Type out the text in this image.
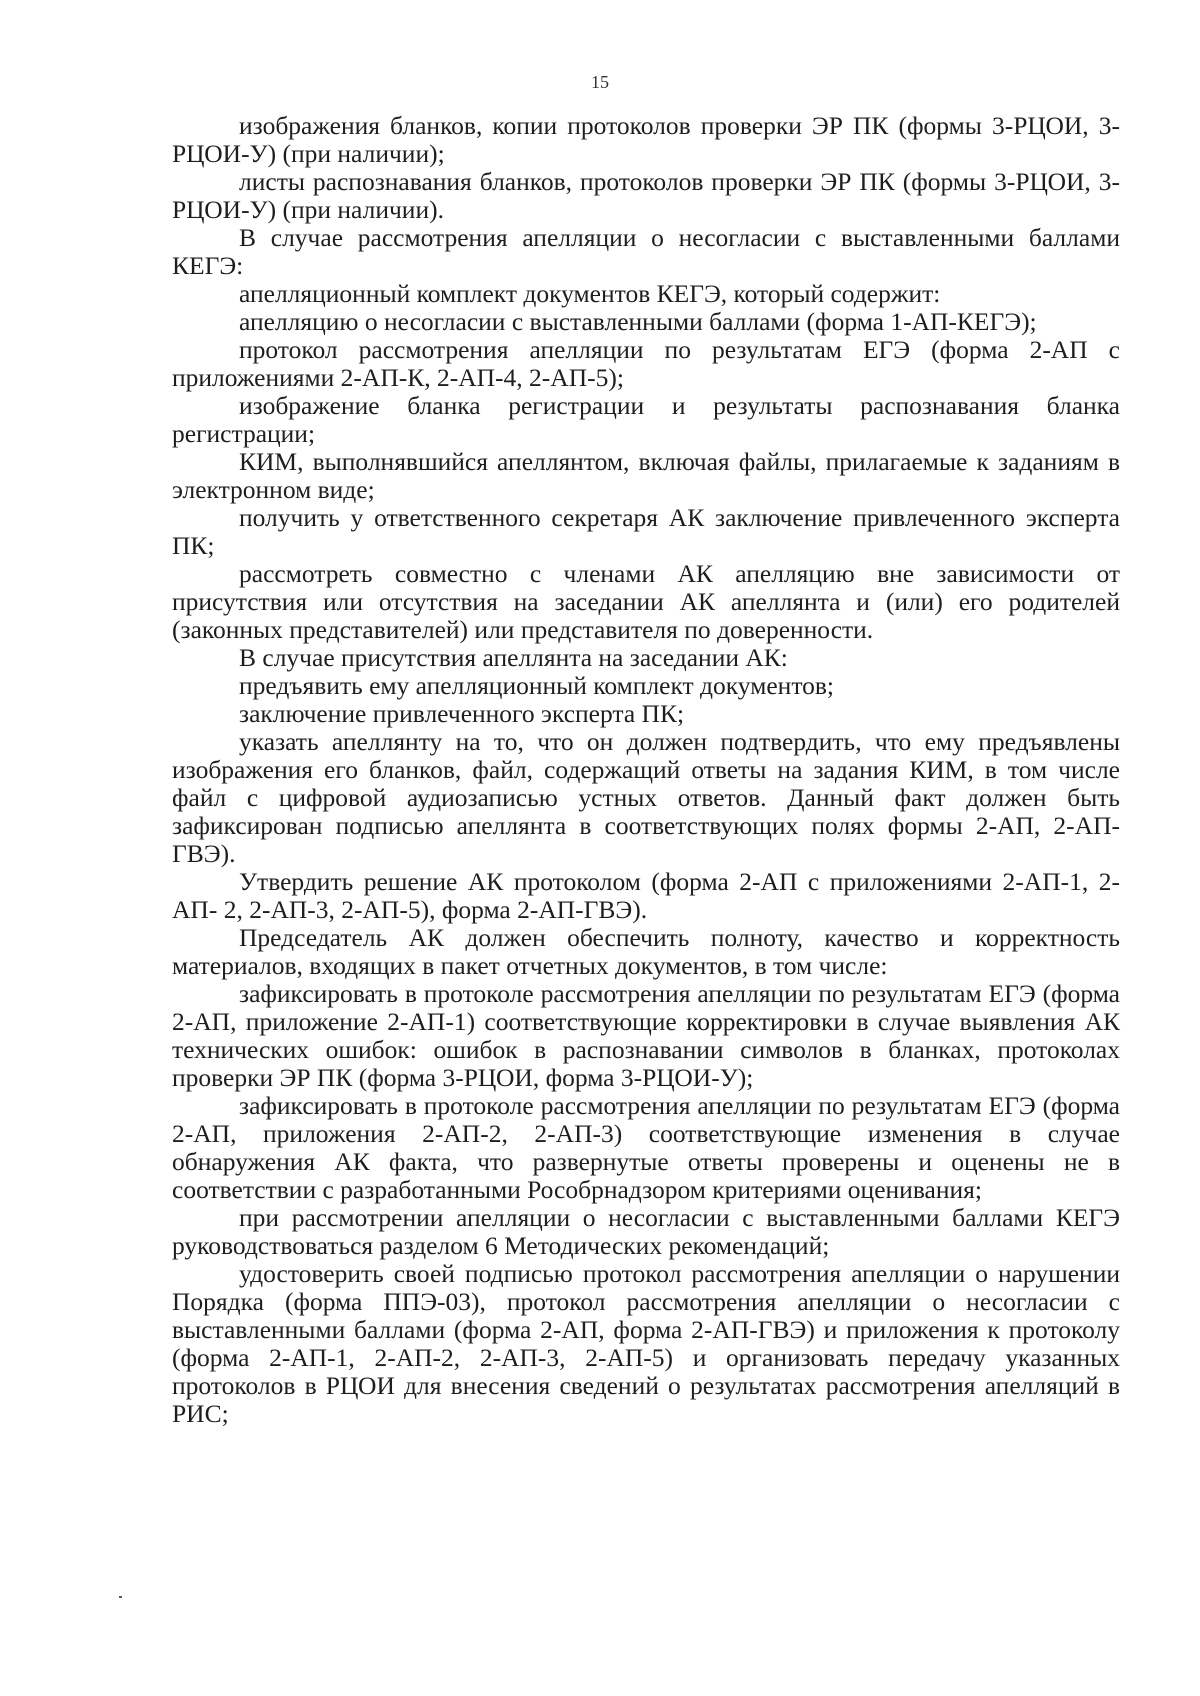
15

изображения бланков, копии протоколов проверки ЭР ПК (формы 3-РЦОИ, 3- РЦОИ-У) (при наличии);

листы распознавания бланков, протоколов проверки ЭР ПК (формы 3-РЦОИ, 3- РЦОИ-У) (при наличии).

В случае рассмотрения апелляции о несогласии с выставленными баллами КЕГЭ:

апелляционный комплект документов КЕГЭ, который содержит:

апелляцию о несогласии с выставленными баллами (форма 1-АП-КЕГЭ);

протокол рассмотрения апелляции по результатам ЕГЭ (форма 2-АП с приложениями 2-АП-К, 2-АП-4, 2-АП-5);

изображение бланка регистрации и результаты распознавания бланка регистрации;

КИМ, выполнявшийся апеллянтом, включая файлы, прилагаемые к заданиям в электронном виде;

получить у ответственного секретаря АК заключение привлеченного эксперта ПК;

рассмотреть совместно с членами АК апелляцию вне зависимости от присутствия или отсутствия на заседании АК апеллянта и (или) его родителей (законных представителей) или представителя по доверенности.

В случае присутствия апеллянта на заседании АК:

предъявить ему апелляционный комплект документов;

заключение привлеченного эксперта ПК;

указать апеллянту на то, что он должен подтвердить, что ему предъявлены изображения его бланков, файл, содержащий ответы на задания КИМ, в том числе файл с цифровой аудиозаписью устных ответов. Данный факт должен быть зафиксирован подписью апеллянта в соответствующих полях формы 2-АП, 2-АП-ГВЭ).

Утвердить решение АК протоколом (форма 2-АП с приложениями 2-АП-1, 2-АП- 2, 2-АП-3, 2-АП-5), форма 2-АП-ГВЭ).

Председатель АК должен обеспечить полноту, качество и корректность материалов, входящих в пакет отчетных документов, в том числе:

зафиксировать в протоколе рассмотрения апелляции по результатам ЕГЭ (форма 2-АП, приложение 2-АП-1) соответствующие корректировки в случае выявления АК технических ошибок: ошибок в распознавании символов в бланках, протоколах проверки ЭР ПК (форма 3-РЦОИ, форма 3-РЦОИ-У);

зафиксировать в протоколе рассмотрения апелляции по результатам ЕГЭ (форма 2-АП, приложения 2-АП-2, 2-АП-3) соответствующие изменения в случае обнаружения АК факта, что развернутые ответы проверены и оценены не в соответствии с разработанными Рособрнадзором критериями оценивания;

при рассмотрении апелляции о несогласии с выставленными баллами КЕГЭ руководствоваться разделом 6 Методических рекомендаций;

удостоверить своей подписью протокол рассмотрения апелляции о нарушении Порядка (форма ППЭ-03), протокол рассмотрения апелляции о несогласии с выставленными баллами (форма 2-АП, форма 2-АП-ГВЭ) и приложения к протоколу (форма 2-АП-1, 2-АП-2, 2-АП-3, 2-АП-5) и организовать передачу указанных протоколов в РЦОИ для внесения сведений о результатах рассмотрения апелляций в РИС;
